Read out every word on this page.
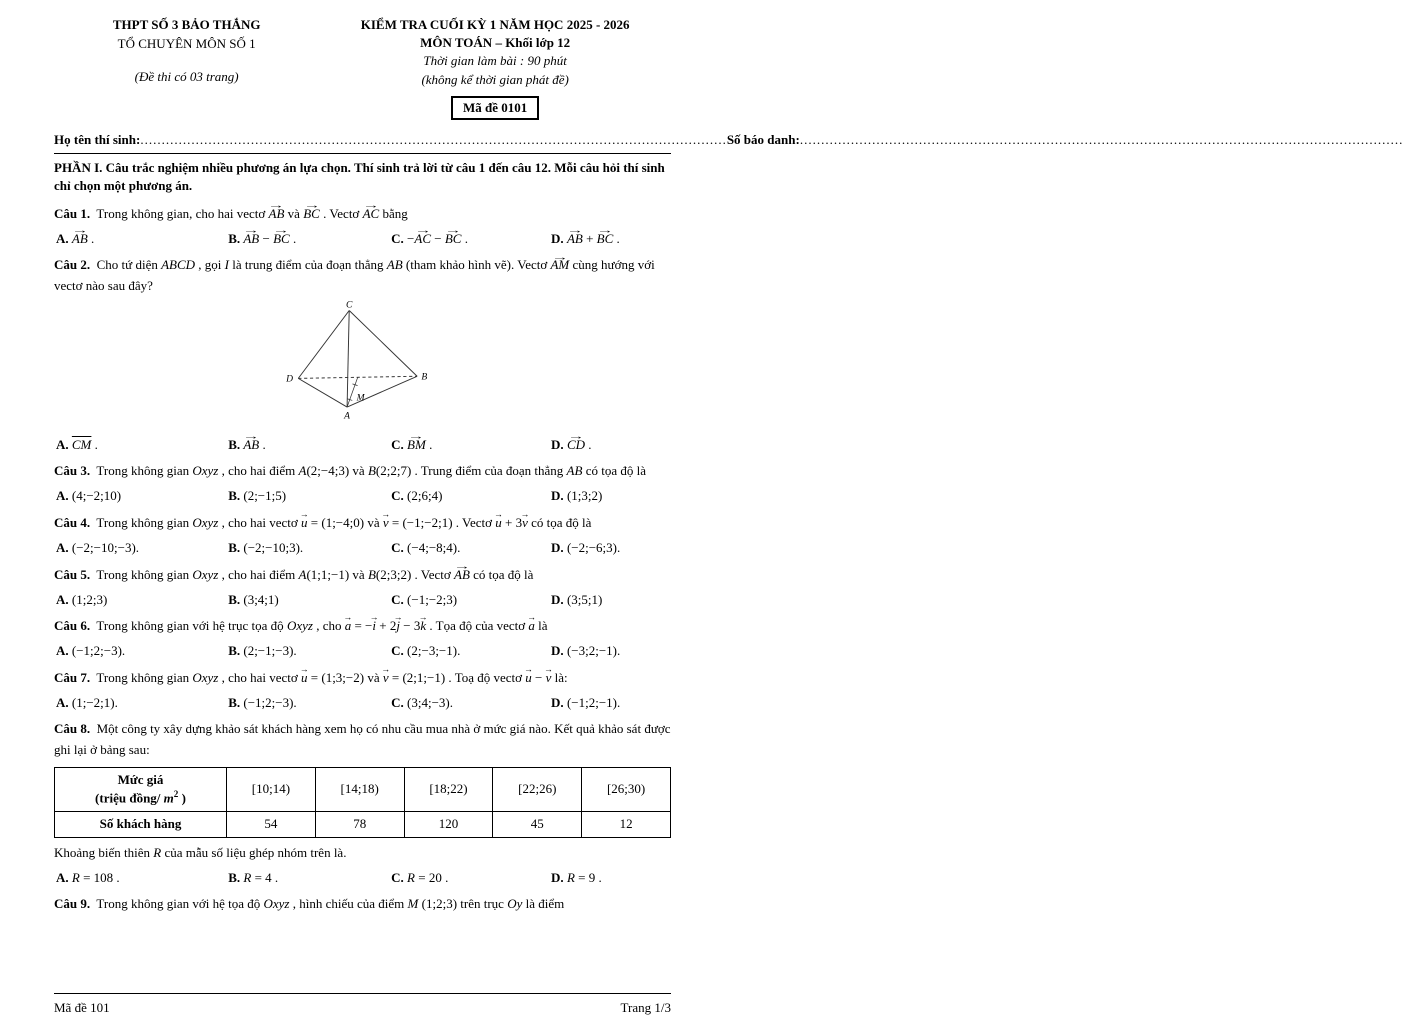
THPT SỐ 3 BẢO THẮNG
TỔ CHUYÊN MÔN SỐ 1
(Đề thi có 03 trang)
KIỂM TRA CUỐI KỲ 1 NĂM HỌC 2025 - 2026
MÔN TOÁN – Khối lớp 12
Thời gian làm bài : 90 phút
(không kể thời gian phát đề)
Mã đề 0101
Họ tên thí sinh: .......................................................................................................................................... Số báo danh: ..............................................................................................................................................

PHẦN I. Câu trắc nghiệm nhiều phương án lựa chọn. Thí sinh trả lời từ câu 1 đến câu 12. Mỗi câu hỏi thí sinh chỉ chọn một phương án.

Câu 1.  Trong không gian, cho hai vectơ → AB và → BC . Vectơ → AC bằng

A. → AB .	B. → AB − → BC .	C. −→ AC − → BC .	D. → AB + → BC .

Câu 2.  Cho tứ diện ABCD , gọi I là trung điểm của đoạn thẳng AB (tham khảo hình vẽ). Vectơ → AM cùng hướng với vectơ nào sau đây?

C
D	B
A
M
A. $\overline{CM}$ .	B. → AB .	C. → BM .	D. → CD .

Câu 3.  Trong không gian Oxyz , cho hai điểm A(2;−4;3) và B(2;2;7) . Trung điểm của đoạn thẳng AB có tọa độ là

A. (4;−2;10)	B. (2;−1;5)	C. (2;6;4)	D. (1;3;2)

Câu 4.  Trong không gian Oxyz , cho hai vectơ → u = (1;−4;0) và → v = (−1;−2;1) . Vectơ → u + 3→ v có tọa độ là

A. (−2;−10;−3).	B. (−2;−10;3).	C. (−4;−8;4).	D. (−2;−6;3).

Câu 5.  Trong không gian Oxyz , cho hai điểm A(1;1;−1) và B(2;3;2) . Vectơ → AB có tọa độ là

A. (1;2;3)	B. (3;4;1)	C. (−1;−2;3)	D. (3;5;1)

Câu 6.  Trong không gian với hệ trục tọa độ Oxyz , cho → a = −→ i + 2→ j − 3→ k . Tọa độ của vectơ → a là

A. (−1;2;−3).	B. (2;−1;−3).	C. (2;−3;−1).	D. (−3;2;−1).

Câu 7.  Trong không gian Oxyz , cho hai vectơ → u = (1;3;−2) và → v = (2;1;−1) . Toạ độ vectơ → u − → v là:

A. (1;−2;1).	B. (−1;2;−3).	C. (3;4;−3).	D. (−1;2;−1).

Câu 8.  Một công ty xây dựng khảo sát khách hàng xem họ có nhu cầu mua nhà ở mức giá nào. Kết quả khảo sát được ghi lại ở bảng sau:

Mức giá
(triệu đồng/ $m^2$ )	[10;14)	[14;18)	[18;22)	[22;26)	[26;30)
Số khách hàng	54	78	120	45	12

Khoảng biến thiên R của mẫu số liệu ghép nhóm trên là.

A. R = 108 .	B. R = 4 .	C. R = 20 .	D. R = 9 .

Câu 9.  Trong không gian với hệ tọa độ Oxyz , hình chiếu của điểm M (1;2;3) trên trục Oy là điểm

Mã đề 101	Trang 1/3
